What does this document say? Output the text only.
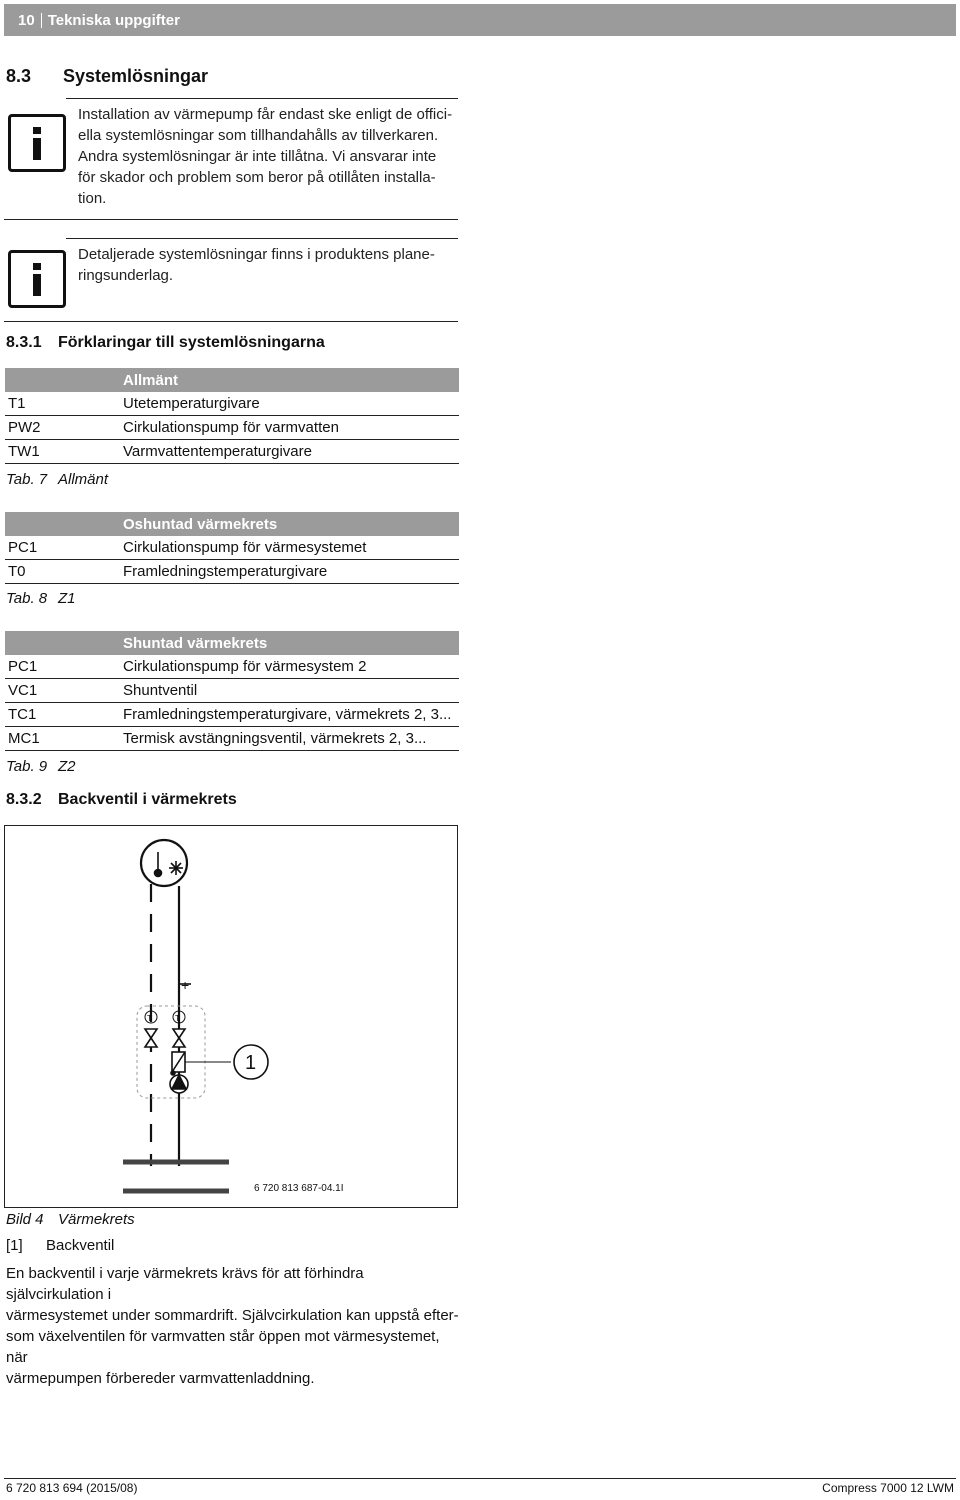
10 Tekniska uppgifter
8.3 Systemlösningar
Installation av värmepump får endast ske enligt de offici-
ella systemlösningar som tillhandahålls av tillverkaren.
Andra systemlösningar är inte tillåtna. Vi ansvarar inte
för skador och problem som beror på otillåten installa-
tion.
Detaljerade systemlösningar finns i produktens plane-
ringsunderlag.
8.3.1 Förklaringar till systemlösningarna
	Allmänt
T1	Utetemperaturgivare
PW2	Cirkulationspump för varmvatten
TW1	Varmvattentemperaturgivare
Tab. 7 Allmänt
	Oshuntad värmekrets
PC1	Cirkulationspump för värmesystemet
T0	Framledningstemperaturgivare
Tab. 8 Z1
	Shuntad värmekrets
PC1	Cirkulationspump för värmesystem 2
VC1	Shuntventil
TC1	Framledningstemperaturgivare, värmekrets 2, 3...
MC1	Termisk avstängningsventil, värmekrets 2, 3...
Tab. 9 Z2
8.3.2 Backventil i värmekrets
T	T
+
1
6 720 813 687-04.1I
Bild 4 Värmekrets
[1] Backventil
En backventil i varje värmekrets krävs för att förhindra självcirkulation i
värmesystemet under sommardrift. Självcirkulation kan uppstå efter-
som växelventilen för varmvatten står öppen mot värmesystemet, när
värmepumpen förbereder varmvattenladdning.
6 720 813 694 (2015/08)	Compress 7000 12 LWM
